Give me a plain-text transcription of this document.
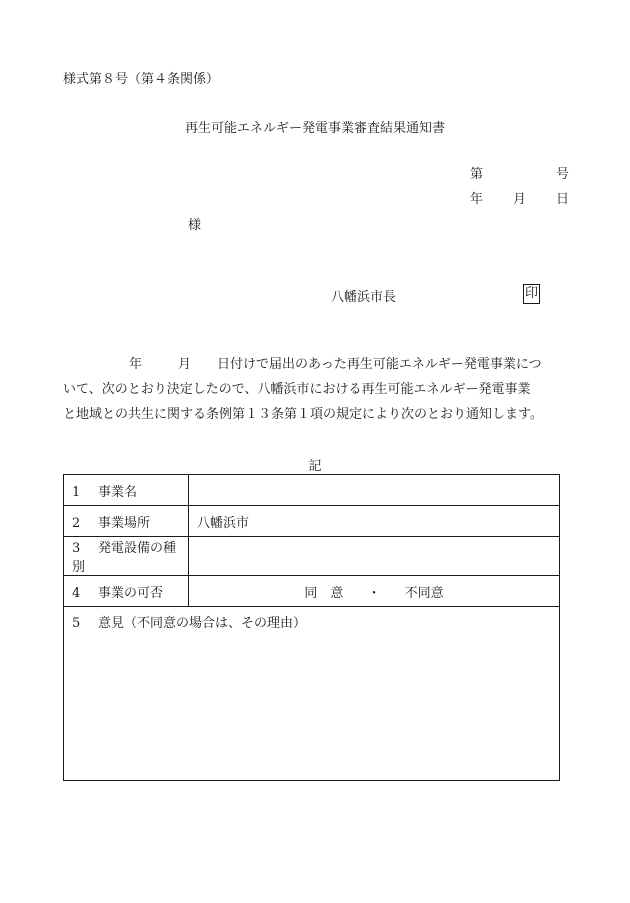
様式第８号（第４条関係）
再生可能エネルギー発電事業審査結果通知書
第	号
年 月 日
様
八幡浜市長	印
年	月 日付けで届出のあった再生可能エネルギー発電事業につ
いて、次のとおり決定したので、八幡浜市における再生可能エネルギー発電事業
と地域との共生に関する条例第１３条第１項の規定により次のとおり通知します。
記
1 事業名	
2 事業場所	八幡浜市
3 発電設備の種別	
4 事業の可否	同　意 ・ 不同意
5 意見（不同意の場合は、その理由）	
